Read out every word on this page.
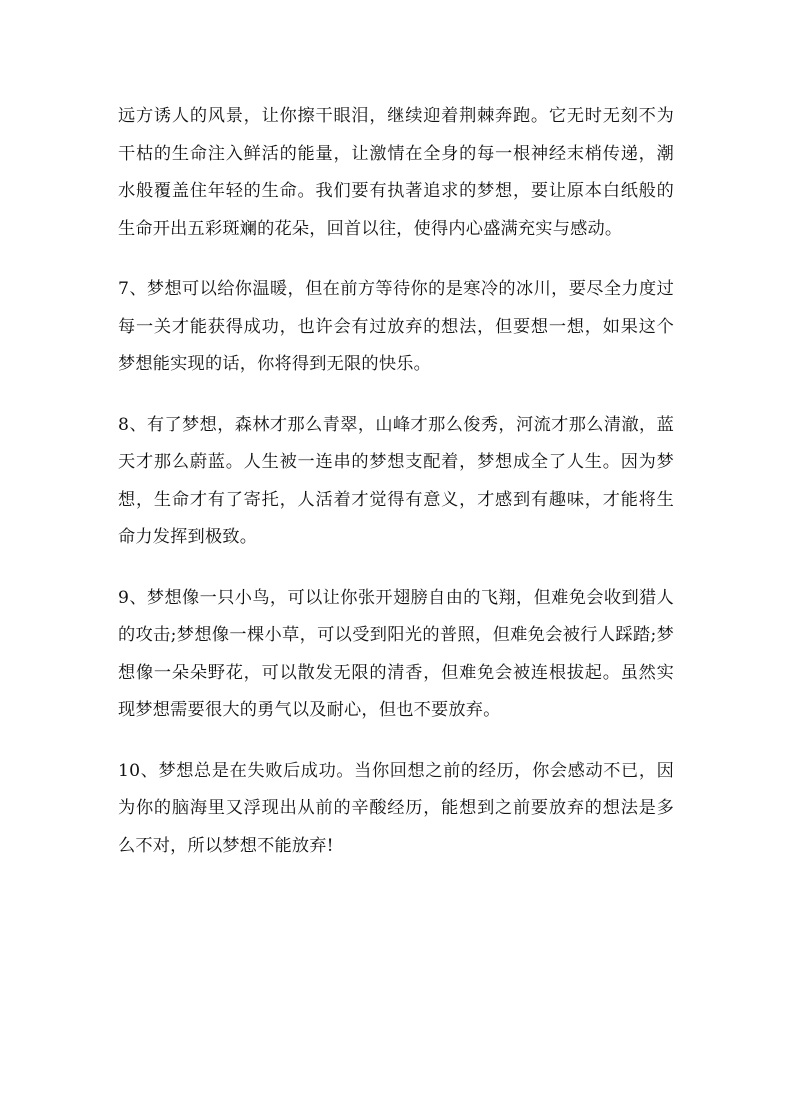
远方诱人的风景，让你擦干眼泪，继续迎着荆棘奔跑。它无时无刻不为干枯的生命注入鲜活的能量，让激情在全身的每一根神经末梢传递，潮水般覆盖住年轻的生命。我们要有执著追求的梦想，要让原本白纸般的生命开出五彩斑斓的花朵，回首以往，使得内心盛满充实与感动。

7、梦想可以给你温暖，但在前方等待你的是寒冷的冰川，要尽全力度过每一关才能获得成功，也许会有过放弃的想法，但要想一想，如果这个梦想能实现的话，你将得到无限的快乐。

8、有了梦想，森林才那么青翠，山峰才那么俊秀，河流才那么清澈，蓝天才那么蔚蓝。人生被一连串的梦想支配着，梦想成全了人生。因为梦想，生命才有了寄托，人活着才觉得有意义，才感到有趣味，才能将生命力发挥到极致。

9、梦想像一只小鸟，可以让你张开翅膀自由的飞翔，但难免会收到猎人的攻击;梦想像一棵小草，可以受到阳光的普照，但难免会被行人踩踏;梦想像一朵朵野花，可以散发无限的清香，但难免会被连根拔起。虽然实现梦想需要很大的勇气以及耐心，但也不要放弃。

10、梦想总是在失败后成功。当你回想之前的经历，你会感动不已，因为你的脑海里又浮现出从前的辛酸经历，能想到之前要放弃的想法是多么不对，所以梦想不能放弃!
